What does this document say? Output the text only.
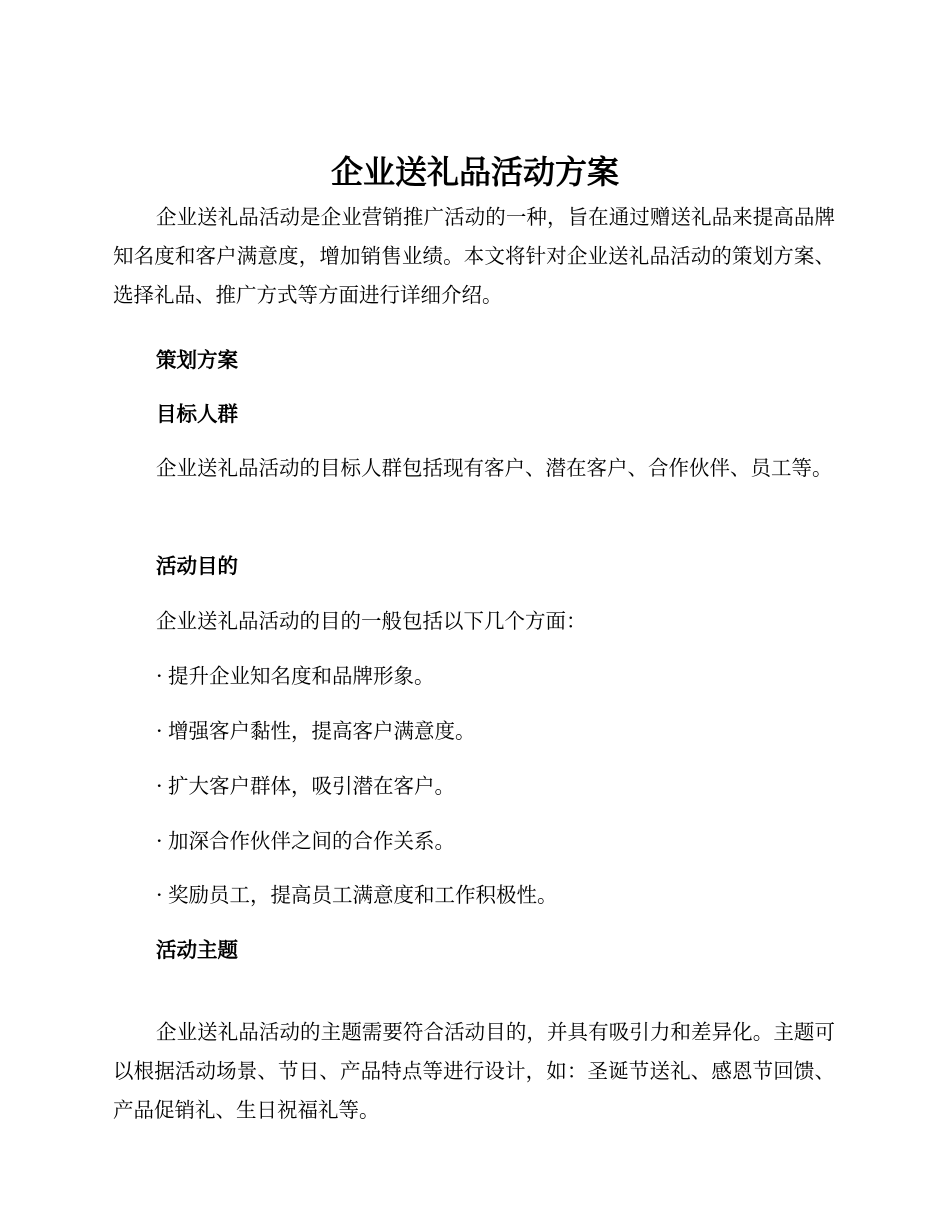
企业送礼品活动方案
企业送礼品活动是企业营销推广活动的一种，旨在通过赠送礼品来提高品牌知名度和客户满意度，增加销售业绩。本文将针对企业送礼品活动的策划方案、选择礼品、推广方式等方面进行详细介绍。
策划方案
目标人群
企业送礼品活动的目标人群包括现有客户、潜在客户、合作伙伴、员工等。
活动目的
企业送礼品活动的目的一般包括以下几个方面：
· 提升企业知名度和品牌形象。
· 增强客户黏性，提高客户满意度。
· 扩大客户群体，吸引潜在客户。
· 加深合作伙伴之间的合作关系。
· 奖励员工，提高员工满意度和工作积极性。
活动主题
企业送礼品活动的主题需要符合活动目的，并具有吸引力和差异化。主题可以根据活动场景、节日、产品特点等进行设计，如：圣诞节送礼、感恩节回馈、产品促销礼、生日祝福礼等。
